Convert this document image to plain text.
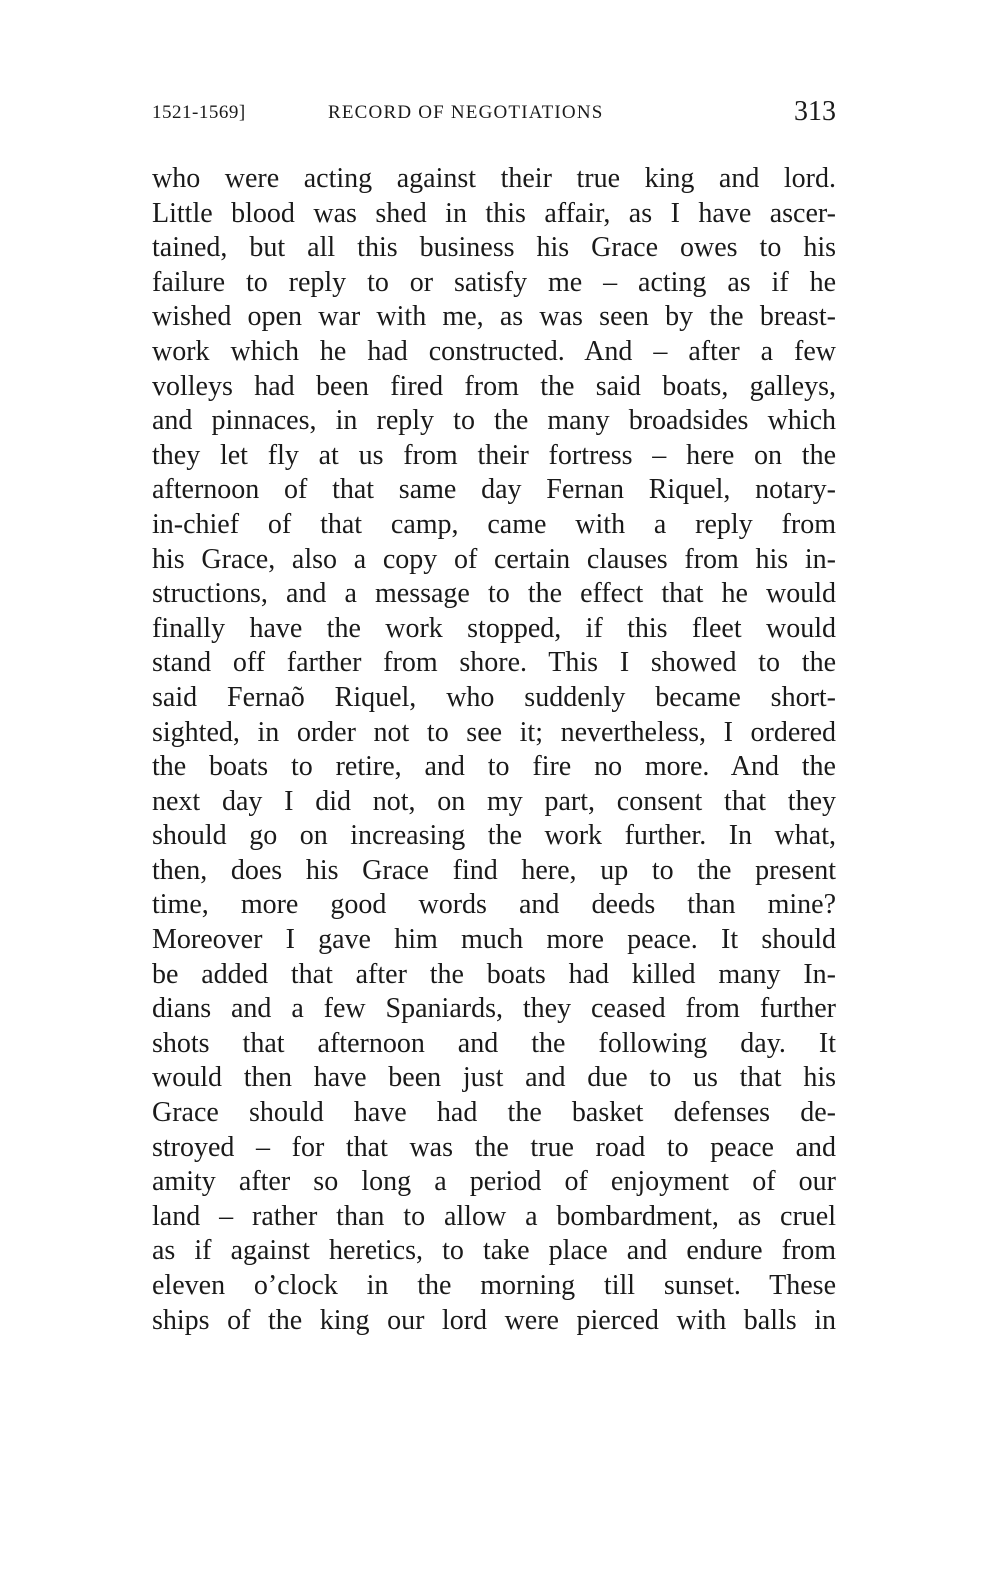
1521-1569]	RECORD OF NEGOTIATIONS	313
who were acting against their true king and lord.
Little blood was shed in this affair, as I have ascer-
tained, but all this business his Grace owes to his
failure to reply to or satisfy me – acting as if he
wished open war with me, as was seen by the breast-
work which he had constructed. And – after a few
volleys had been fired from the said boats, galleys,
and pinnaces, in reply to the many broadsides which
they let fly at us from their fortress – here on the
afternoon of that same day Fernan Riquel, notary-
in-chief of that camp, came with a reply from
his Grace, also a copy of certain clauses from his in-
structions, and a message to the effect that he would
finally have the work stopped, if this fleet would
stand off farther from shore. This I showed to the
said Fernaõ Riquel, who suddenly became short-
sighted, in order not to see it; nevertheless, I ordered
the boats to retire, and to fire no more. And the
next day I did not, on my part, consent that they
should go on increasing the work further. In what,
then, does his Grace find here, up to the present
time, more good words and deeds than mine?
Moreover I gave him much more peace. It should
be added that after the boats had killed many In-
dians and a few Spaniards, they ceased from further
shots that afternoon and the following day. It
would then have been just and due to us that his
Grace should have had the basket defenses de-
stroyed – for that was the true road to peace and
amity after so long a period of enjoyment of our
land – rather than to allow a bombardment, as cruel
as if against heretics, to take place and endure from
eleven o’clock in the morning till sunset. These
ships of the king our lord were pierced with balls in
